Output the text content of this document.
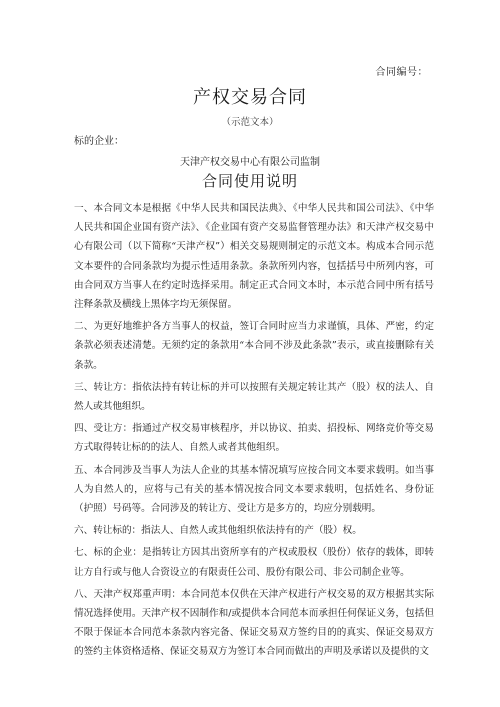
合同编号：
产权交易合同
（示范文本）
标的企业：
天津产权交易中心有限公司监制
合同使用说明

一、本合同文本是根据《中华人民共和国民法典》、《中华人民共和国公司法》、《中华人民共和国企业国有资产法》、《企业国有资产交易监督管理办法》和天津产权交易中心有限公司（以下简称“天津产权”）相关交易规则制定的示范文本。构成本合同示范文本要件的合同条款均为提示性适用条款。条款所列内容，包括括号中所列内容，可由合同双方当事人在约定时选择采用。制定正式合同文本时，本示范合同中所有括号注释条款及横线上黑体字均无须保留。

二、为更好地维护各方当事人的权益，签订合同时应当力求谨慎，具体、严密，约定条款必须表述清楚。无须约定的条款用“本合同不涉及此条款”表示，或直接删除有关条款。

三、转让方：指依法持有转让标的并可以按照有关规定转让其产（股）权的法人、自然人或其他组织。

四、受让方：指通过产权交易审核程序，并以协议、拍卖、招投标、网络竞价等交易方式取得转让标的的法人、自然人或者其他组织。

五、本合同涉及当事人为法人企业的其基本情况填写应按合同文本要求载明。如当事人为自然人的，应将与己有关的基本情况按合同文本要求载明，包括姓名、身份证（护照）号码等。合同涉及的转让方、受让方是多方的，均应分别载明。

六、转让标的：指法人、自然人或其他组织依法持有的产（股）权。

七、标的企业：是指转让方因其出资所享有的产权或股权（股份）依存的载体，即转让方自行或与他人合资设立的有限责任公司、股份有限公司、非公司制企业等。

八、天津产权郑重声明：本合同范本仅供在天津产权进行产权交易的双方根据其实际情况选择使用。天津产权不因制作和/或提供本合同范本而承担任何保证义务，包括但不限于保证本合同范本条款内容完备、保证交易双方签约目的的真实、保证交易双方的签约主体资格适格、保证交易双方为签订本合同而做出的声明及承诺以及提供的文
